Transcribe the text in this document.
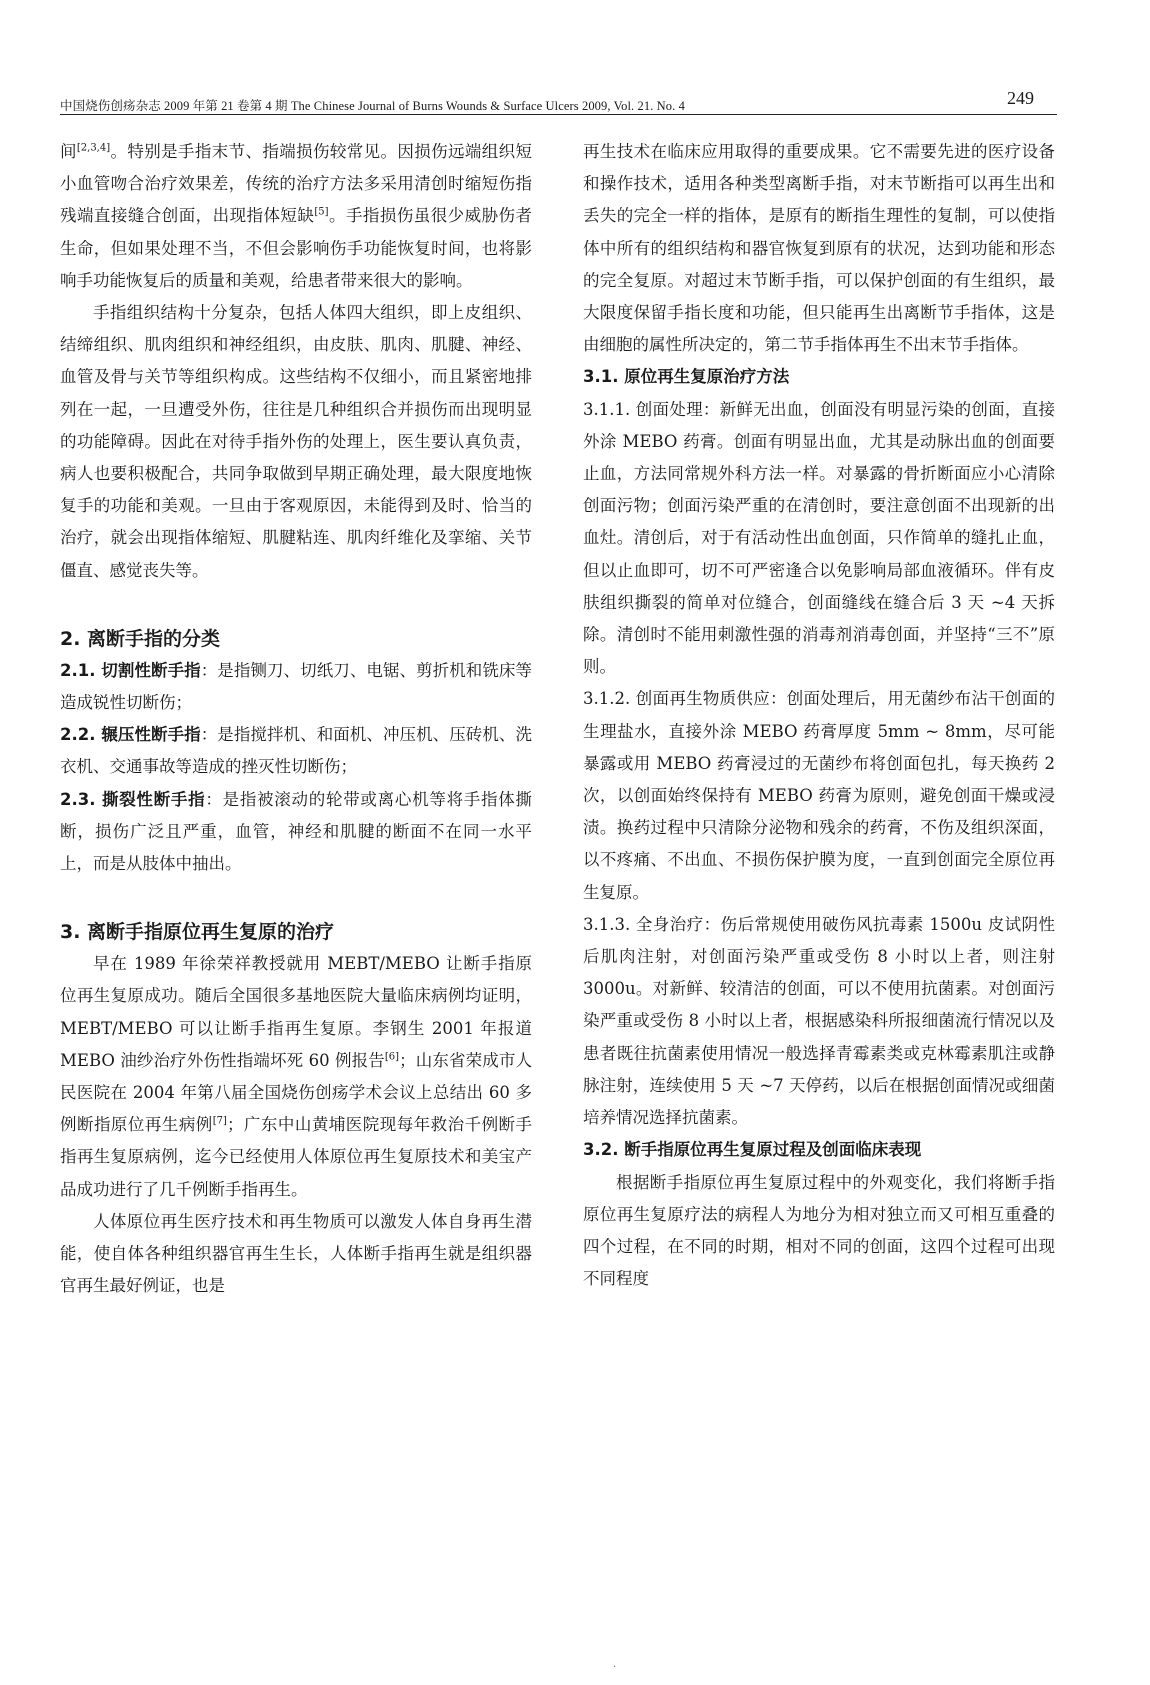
中国烧伤创疡杂志 2009 年第 21 卷第 4 期 The Chinese Journal of Burns Wounds & Surface Ulcers 2009, Vol. 21. No. 4	249

间[2,3,4]。特别是手指末节、指端损伤较常见。因损伤远端组织短小血管吻合治疗效果差，传统的治疗方法多采用清创时缩短伤指残端直接缝合创面，出现指体短缺[5]。手指损伤虽很少威胁伤者生命，但如果处理不当，不但会影响伤手功能恢复时间，也将影响手功能恢复后的质量和美观，给患者带来很大的影响。

手指组织结构十分复杂，包括人体四大组织，即上皮组织、结缔组织、肌肉组织和神经组织，由皮肤、肌肉、肌腱、神经、血管及骨与关节等组织构成。这些结构不仅细小，而且紧密地排列在一起，一旦遭受外伤，往往是几种组织合并损伤而出现明显的功能障碍。因此在对待手指外伤的处理上，医生要认真负责，病人也要积极配合，共同争取做到早期正确处理，最大限度地恢复手的功能和美观。一旦由于客观原因，未能得到及时、恰当的治疗，就会出现指体缩短、肌腱粘连、肌肉纤维化及挛缩、关节僵直、感觉丧失等。

2. 离断手指的分类

2.1. 切割性断手指：是指铡刀、切纸刀、电锯、剪折机和铣床等造成锐性切断伤；

2.2. 辗压性断手指：是指搅拌机、和面机、冲压机、压砖机、洗衣机、交通事故等造成的挫灭性切断伤；

2.3. 撕裂性断手指：是指被滚动的轮带或离心机等将手指体撕断，损伤广泛且严重，血管，神经和肌腱的断面不在同一水平上，而是从肢体中抽出。

3. 离断手指原位再生复原的治疗

早在 1989 年徐荣祥教授就用 MEBT/MEBO 让断手指原位再生复原成功。随后全国很多基地医院大量临床病例均证明，MEBT/MEBO 可以让断手指再生复原。李钢生 2001 年报道 MEBO 油纱治疗外伤性指端坏死 60 例报告[6]；山东省荣成市人民医院在 2004 年第八届全国烧伤创疡学术会议上总结出 60 多例断指原位再生病例[7]；广东中山黄埔医院现每年救治千例断手指再生复原病例，迄今已经使用人体原位再生复原技术和美宝产品成功进行了几千例断手指再生。

人体原位再生医疗技术和再生物质可以激发人体自身再生潜能，使自体各种组织器官再生生长，人体断手指再生就是组织器官再生最好例证，也是

再生技术在临床应用取得的重要成果。它不需要先进的医疗设备和操作技术，适用各种类型离断手指，对末节断指可以再生出和丢失的完全一样的指体，是原有的断指生理性的复制，可以使指体中所有的组织结构和器官恢复到原有的状况，达到功能和形态的完全复原。对超过末节断手指，可以保护创面的有生组织，最大限度保留手指长度和功能，但只能再生出离断节手指体，这是由细胞的属性所决定的，第二节手指体再生不出末节手指体。

3.1. 原位再生复原治疗方法

3.1.1. 创面处理：新鲜无出血，创面没有明显污染的创面，直接外涂 MEBO 药膏。创面有明显出血，尤其是动脉出血的创面要止血，方法同常规外科方法一样。对暴露的骨折断面应小心清除创面污物；创面污染严重的在清创时，要注意创面不出现新的出血灶。清创后，对于有活动性出血创面，只作简单的缝扎止血，但以止血即可，切不可严密逢合以免影响局部血液循环。伴有皮肤组织撕裂的简单对位缝合，创面缝线在缝合后 3 天 ~4 天拆除。清创时不能用刺激性强的消毒剂消毒创面，并坚持“三不”原则。

3.1.2. 创面再生物质供应：创面处理后，用无菌纱布沾干创面的生理盐水，直接外涂 MEBO 药膏厚度 5mm ~ 8mm，尽可能暴露或用 MEBO 药膏浸过的无菌纱布将创面包扎，每天换药 2 次，以创面始终保持有 MEBO 药膏为原则，避免创面干燥或浸渍。换药过程中只清除分泌物和残余的药膏，不伤及组织深面，以不疼痛、不出血、不损伤保护膜为度，一直到创面完全原位再生复原。

3.1.3. 全身治疗：伤后常规使用破伤风抗毒素 1500u 皮试阴性后肌肉注射，对创面污染严重或受伤 8 小时以上者，则注射 3000u。对新鲜、较清洁的创面，可以不使用抗菌素。对创面污染严重或受伤 8 小时以上者，根据感染科所报细菌流行情况以及患者既往抗菌素使用情况一般选择青霉素类或克林霉素肌注或静脉注射，连续使用 5 天 ~7 天停药，以后在根据创面情况或细菌培养情况选择抗菌素。

3.2. 断手指原位再生复原过程及创面临床表现

根据断手指原位再生复原过程中的外观变化，我们将断手指原位再生复原疗法的病程人为地分为相对独立而又可相互重叠的四个过程，在不同的时期，相对不同的创面，这四个过程可出现不同程度

·
